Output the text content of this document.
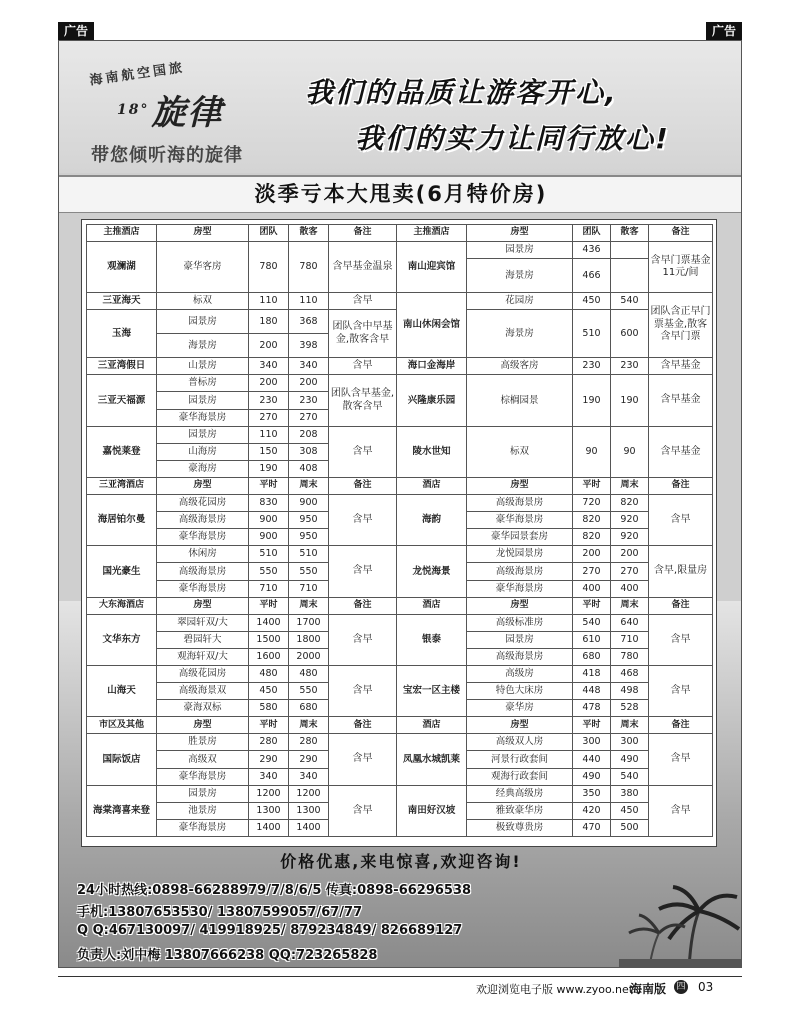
广告	广告
海南航空国旅
$^{18^\circ}$旋律
带您倾听海的旋律
我们的品质让游客开心,
我们的实力让同行放心!
淡季亏本大甩卖(6月特价房)
主推酒店	房型	团队	散客	备注	主推酒店	房型	团队	散客	备注
观澜湖	豪华客房	780	780	含早基金温泉	南山迎宾馆	园景房	436		含早门票基金11元/间
						海景房	466		
三亚海天	标双	110	110	含早	南山休闲会馆	花园房	450	540	团队含正早门票基金,散客含早门票
玉海	园景房	180	368	团队含中早基金,散客含早		海景房	510	600	
	海景房	200	398						
三亚湾假日	山景房	340	340	含早	海口金海岸	高级客房	230	230	含早基金
三亚天福源	普标房	200	200	团队含早基金,散客含早	兴隆康乐园	棕榈园景	190	190	含早基金
	园景房	230	230						
	豪华海景房	270	270						
嘉悦莱登	园景房	110	208	含早	陵水世知	标双	90	90	含早基金
	山海房	150	308						
	豪海房	190	408						
三亚湾酒店	房型	平时	周末	备注	酒店	房型	平时	周末	备注
海居铂尔曼	高级花园房	830	900	含早	海韵	高级海景房	720	820	含早
	高级海景房	900	950			豪华海景房	820	920	
	豪华海景房	900	950			豪华园景套房	820	920	
国光豪生	休闲房	510	510	含早	龙悦海景	龙悦园景房	200	200	含早,限量房
	高级海景房	550	550			高级海景房	270	270	
	豪华海景房	710	710			豪华海景房	400	400	
大东海酒店	房型	平时	周末	备注	酒店	房型	平时	周末	备注
文华东方	翠园轩双/大	1400	1700	含早	银泰	高级标准房	540	640	含早
	碧园轩大	1500	1800			园景房	610	710	
	观海轩双/大	1600	2000			高级海景房	680	780	
山海天	高级花园房	480	480	含早	宝宏一区主楼	高级房	418	468	含早
	高级海景双	450	550			特色大床房	448	498	
	豪海双标	580	680			豪华房	478	528	
市区及其他	房型	平时	周末	备注	酒店	房型	平时	周末	备注
国际饭店	胜景房	280	280	含早	凤凰水城凯莱	高级双人房	300	300	含早
	高级双	290	290			河景行政套间	440	490	
	豪华海景房	340	340			观海行政套间	490	540	
海棠湾喜来登	园景房	1200	1200	含早	南田好汉坡	经典高级房	350	380	含早
	池景房	1300	1300			雅致豪华房	420	450	
	豪华海景房	1400	1400			极致尊贵房	470	500	
价格优惠,来电惊喜,欢迎咨询!
24小时热线:0898-66288979/7/8/6/5 传真:0898-66296538
手机:13807653530/ 13807599057/67/77
Q Q:467130097/ 419918925/ 879234849/ 826689127
负责人:刘中梅 13807666238 QQ:723265828
欢迎浏览电子版 www.zyoo.net
海南版 四 03
